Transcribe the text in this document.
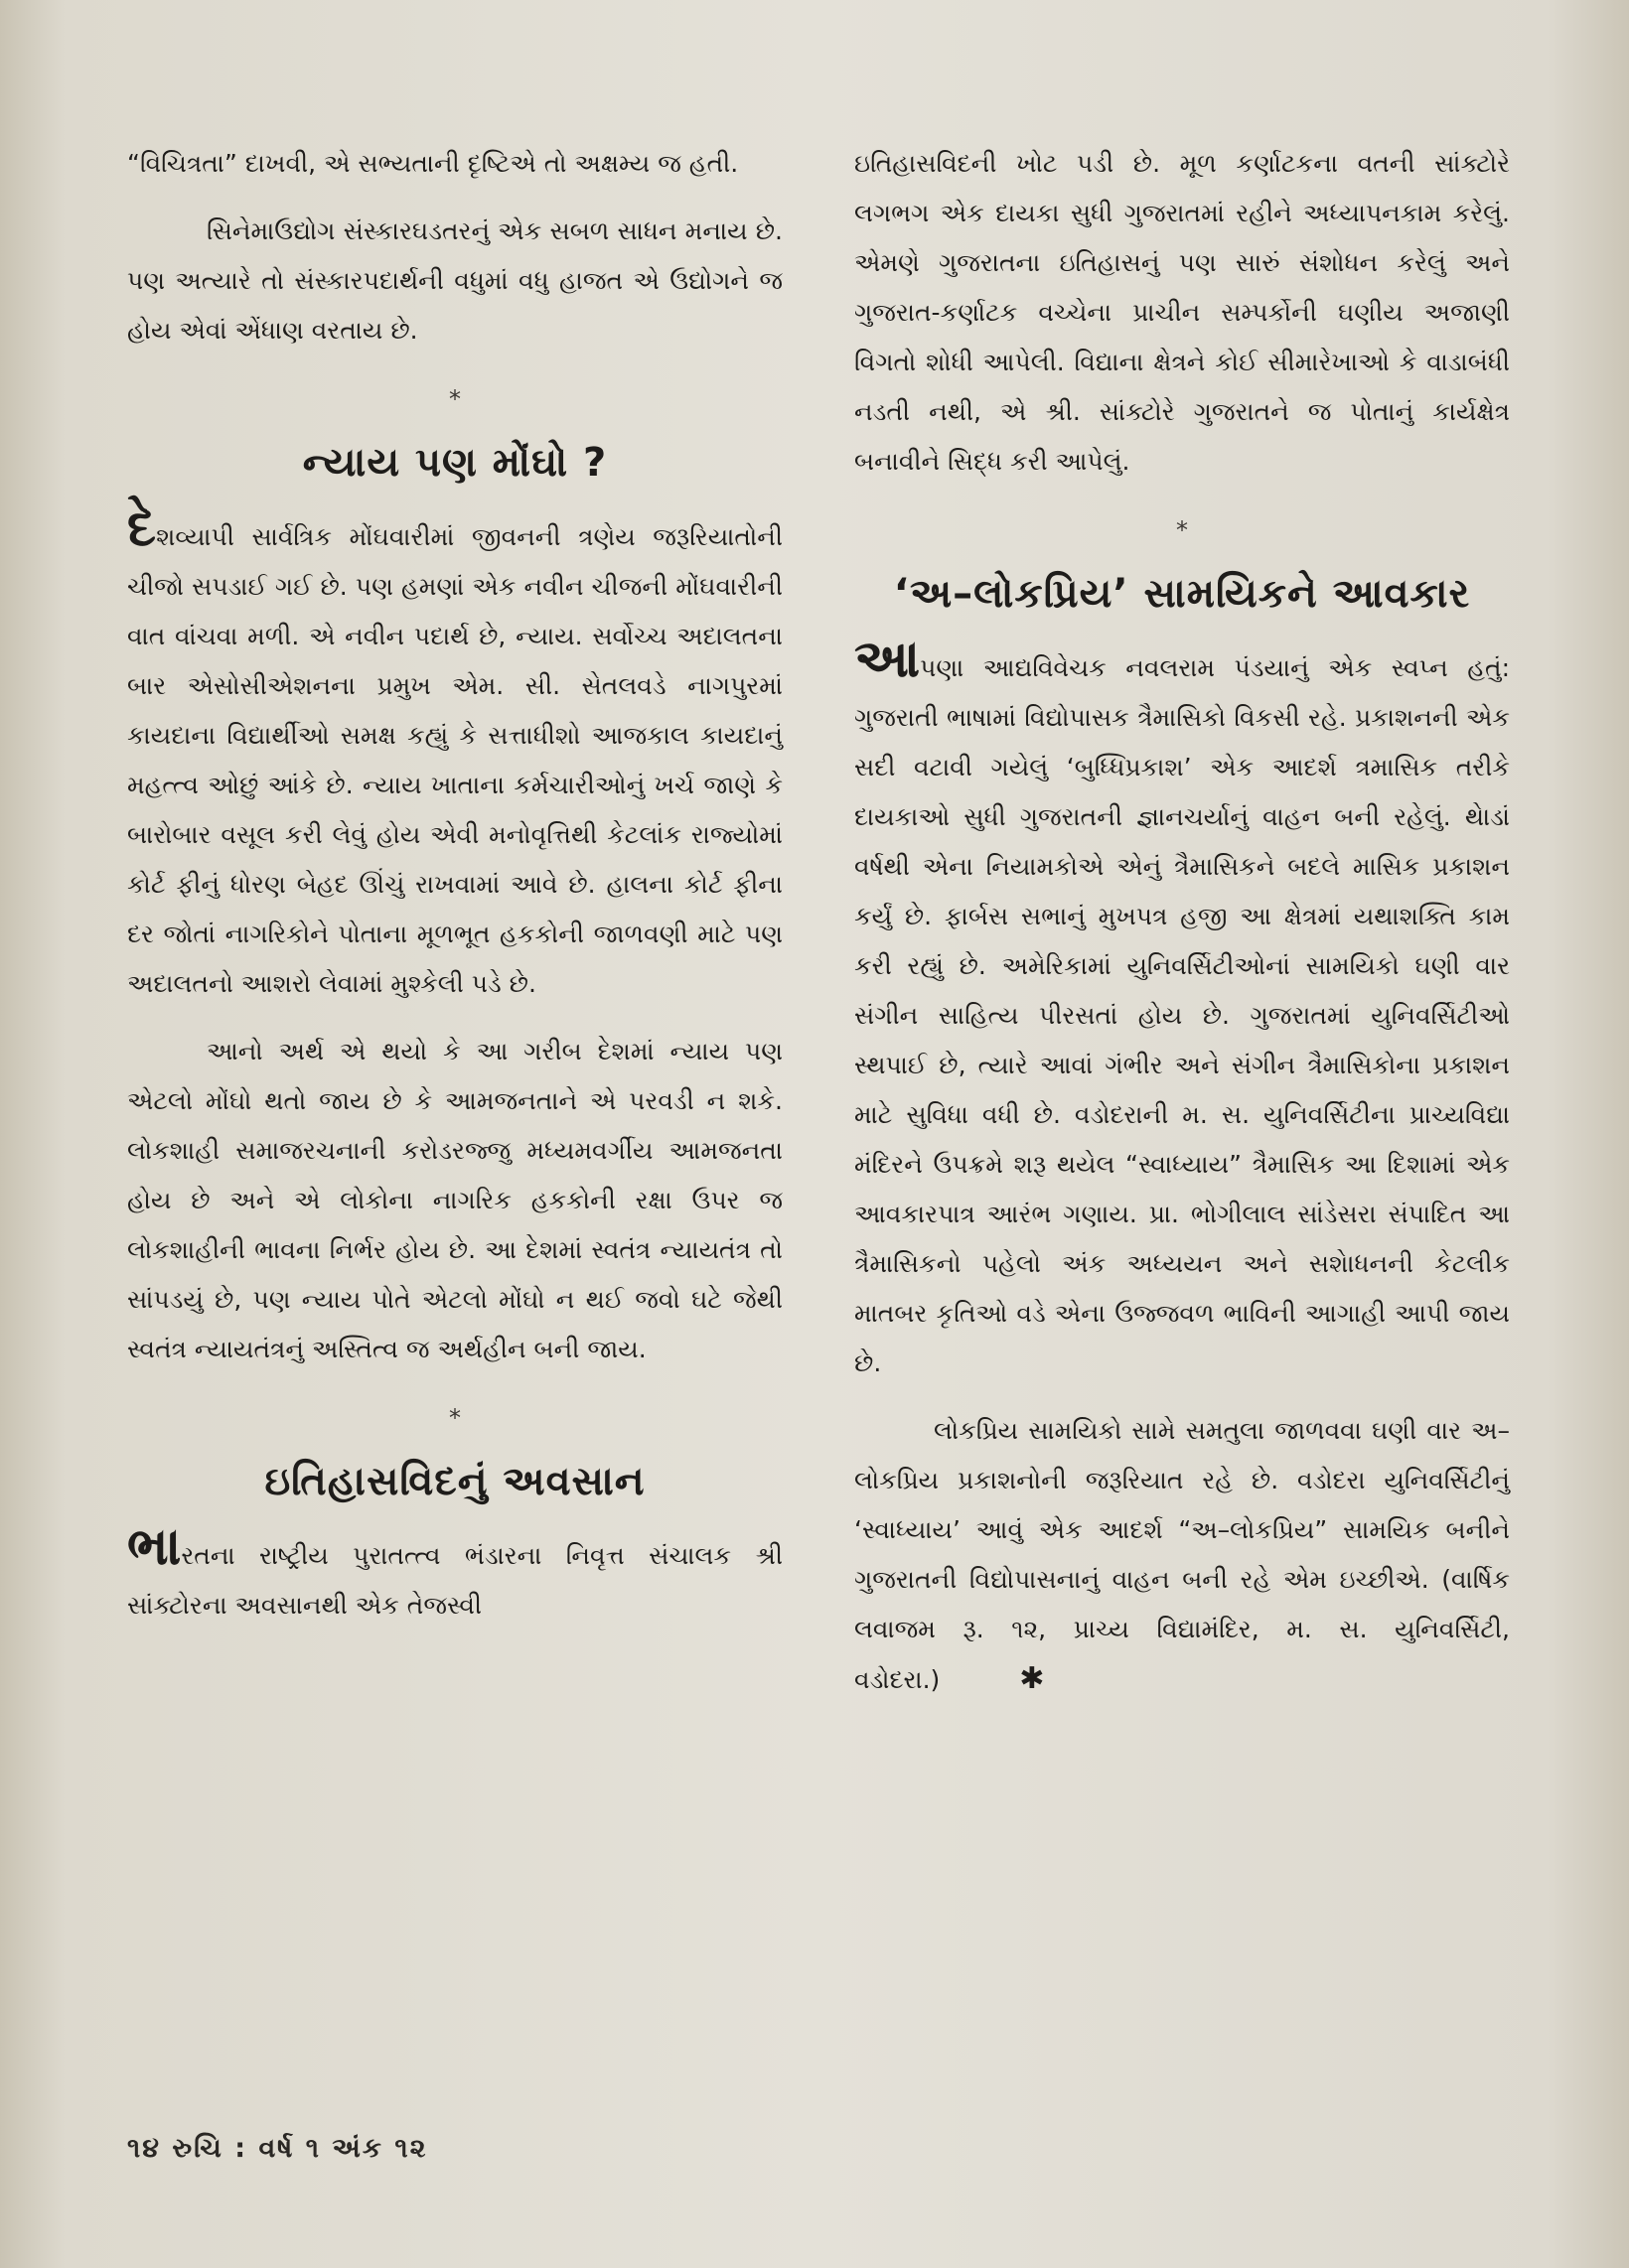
“વિચિત્રતા” દાખવી, એ સભ્યતાની દૃષ્ટિએ તો અક્ષમ્ય જ હતી.

સિનેમાઉદ્યોગ સંસ્કારઘડતરનું એક સબળ સાધન મનાય છે. પણ અત્યારે તો સંસ્કારપદાર્થની વધુમાં વધુ હાજત એ ઉદ્યોગને જ હોય એવાં એંધાણ વરતાય છે.

*
ન્યાય પણ મોંઘો ?

દેશવ્યાપી સાર્વત્રિક મોંઘવારીમાં જીવનની ત્રણેય જરૂરિયાતોની ચીજો સપડાઈ ગઈ છે. પણ હમણાં એક નવીન ચીજની મોંઘવારીની વાત વાંચવા મળી. એ નવીન પદાર્થ છે, ન્યાય. સર્વોચ્ચ અદાલતના બાર એસોસીએશનના પ્રમુખ એમ. સી. સેતલવડે નાગપુરમાં કાયદાના વિદ્યાર્થીઓ સમક્ષ કહ્યું કે સત્તાધીશો આજકાલ કાયદાનું મહત્ત્વ ઓછું આંકે છે. ન્યાય ખાતાના કર્મચારીઓનું ખર્ચ જાણે કે બારોબાર વસૂલ કરી લેવું હોય એવી મનોવૃત્તિથી કેટલાંક રાજ્યોમાં કોર્ટ ફીનું ધોરણ બેહદ ઊંચું રાખવામાં આવે છે. હાલના કોર્ટ ફીના દર જોતાં નાગરિકોને પોતાના મૂળભૂત હકકોની જાળવણી માટે પણ અદાલતનો આશરો લેવામાં મુશ્કેલી પડે છે.

આનો અર્થ એ થયો કે આ ગરીબ દેશમાં ન્યાય પણ એટલો મોંઘો થતો જાય છે કે આમજનતાને એ પરવડી ન શકે. લોકશાહી સમાજરચનાની કરોડરજ્જુ મધ્યમવર્ગીય આમજનતા હોય છે અને એ લોકોના નાગરિક હકકોની રક્ષા ઉપર જ લોકશાહીની ભાવના નિર્ભર હોય છે. આ દેશમાં સ્વતંત્ર ન્યાયતંત્ર તો સાંપડયું છે, પણ ન્યાય પોતે એટલો મોંઘો ન થઈ જવો ઘટે જેથી સ્વતંત્ર ન્યાયતંત્રનું અસ્તિત્વ જ અર્થહીન બની જાય.

*
ઇતિહાસવિદનું અવસાન

ભારતના રાષ્ટ્રીય પુરાતત્ત્વ ભંડારના નિવૃત્ત સંચાલક શ્રી સાંક્ટોરના અવસાનથી એક તેજસ્વી

ઇતિહાસવિદની ખોટ પડી છે. મૂળ કર્ણાટકના વતની સાંક્ટોરે લગભગ એક દાયકા સુધી ગુજરાતમાં રહીને અધ્યાપનકામ કરેલું. એમણે ગુજરાતના ઇતિહાસનું પણ સારું સંશોધન કરેલું અને ગુજરાત-કર્ણાટક વચ્ચેના પ્રાચીન સમ્પર્કોની ઘણીય અજાણી વિગતો શોધી આપેલી. વિદ્યાના ક્ષેત્રને કોઈ સીમારેખાઓ કે વાડાબંધી નડતી નથી, એ શ્રી. સાંક્ટોરે ગુજરાતને જ પોતાનું કાર્યક્ષેત્ર બનાવીને સિદ્ધ કરી આપેલું.

*
‘અ–લોકપ્રિય’ સામયિકને આવકાર

આપણા આદ્યવિવેચક નવલરામ પંડયાનું એક સ્વપ્ન હતું: ગુજરાતી ભાષામાં વિદ્યોપાસક ત્રૈમાસિકો વિકસી રહે. પ્રકાશનની એક સદી વટાવી ગયેલું ‘બુધ્ધિપ્રકાશ’ એક આદર્શ ત્રમાસિક તરીકે દાયકાઓ સુધી ગુજરાતની જ્ઞાનચર્યાનું વાહન બની રહેલું. થેાડાં વર્ષથી એના નિયામકોએ એનું ત્રૈમાસિકને બદલે માસિક પ્રકાશન કર્યું છે. ફાર્બસ સભાનું મુખપત્ર હજી આ ક્ષેત્રમાં યથાશક્તિ કામ કરી રહ્યું છે. અમેરિકામાં યુનિવર્સિટીઓનાં સામયિકો ઘણી વાર સંગીન સાહિત્ય પીરસતાં હોય છે. ગુજરાતમાં યુનિવર્સિટીઓ સ્થપાઈ છે, ત્યારે આવાં ગંભીર અને સંગીન ત્રૈમાસિકોના પ્રકાશન માટે સુવિધા વધી છે. વડોદરાની મ. સ. યુનિવર્સિટીના પ્રાચ્યવિદ્યા મંદિરને ઉપક્રમે શરૂ થયેલ “સ્વાધ્યાય” ત્રૈમાસિક આ દિશામાં એક આવકારપાત્ર આરંભ ગણાય. પ્રા. ભોગીલાલ સાંડેસરા સંપાદિત આ ત્રૈમાસિકનો પહેલો અંક અધ્યયન અને સશેાધનની કેટલીક માતબર કૃતિઓ વડે એના ઉજ્જવળ ભાવિની આગાહી આપી જાય છે.

લોકપ્રિય સામયિકો સામે સમતુલા જાળવવા ઘણી વાર અ–લોકપ્રિય પ્રકાશનોની જરૂરિયાત રહે છે. વડોદરા યુનિવર્સિટીનું ‘સ્વાધ્યાય’ આવું એક આદર્શ “અ–લોકપ્રિય” સામયિક બનીને ગુજરાતની વિદ્યોપાસનાનું વાહન બની રહે એમ ઇચ્છીએ. (વાર્ષિક લવાજમ રૂ. ૧૨, પ્રાચ્ય વિદ્યામંદિર, મ. સ. યુનિવર્સિટી, વડોદરા.)	✱

૧૪ રુચિ : વર્ષ ૧ અંક ૧૨
